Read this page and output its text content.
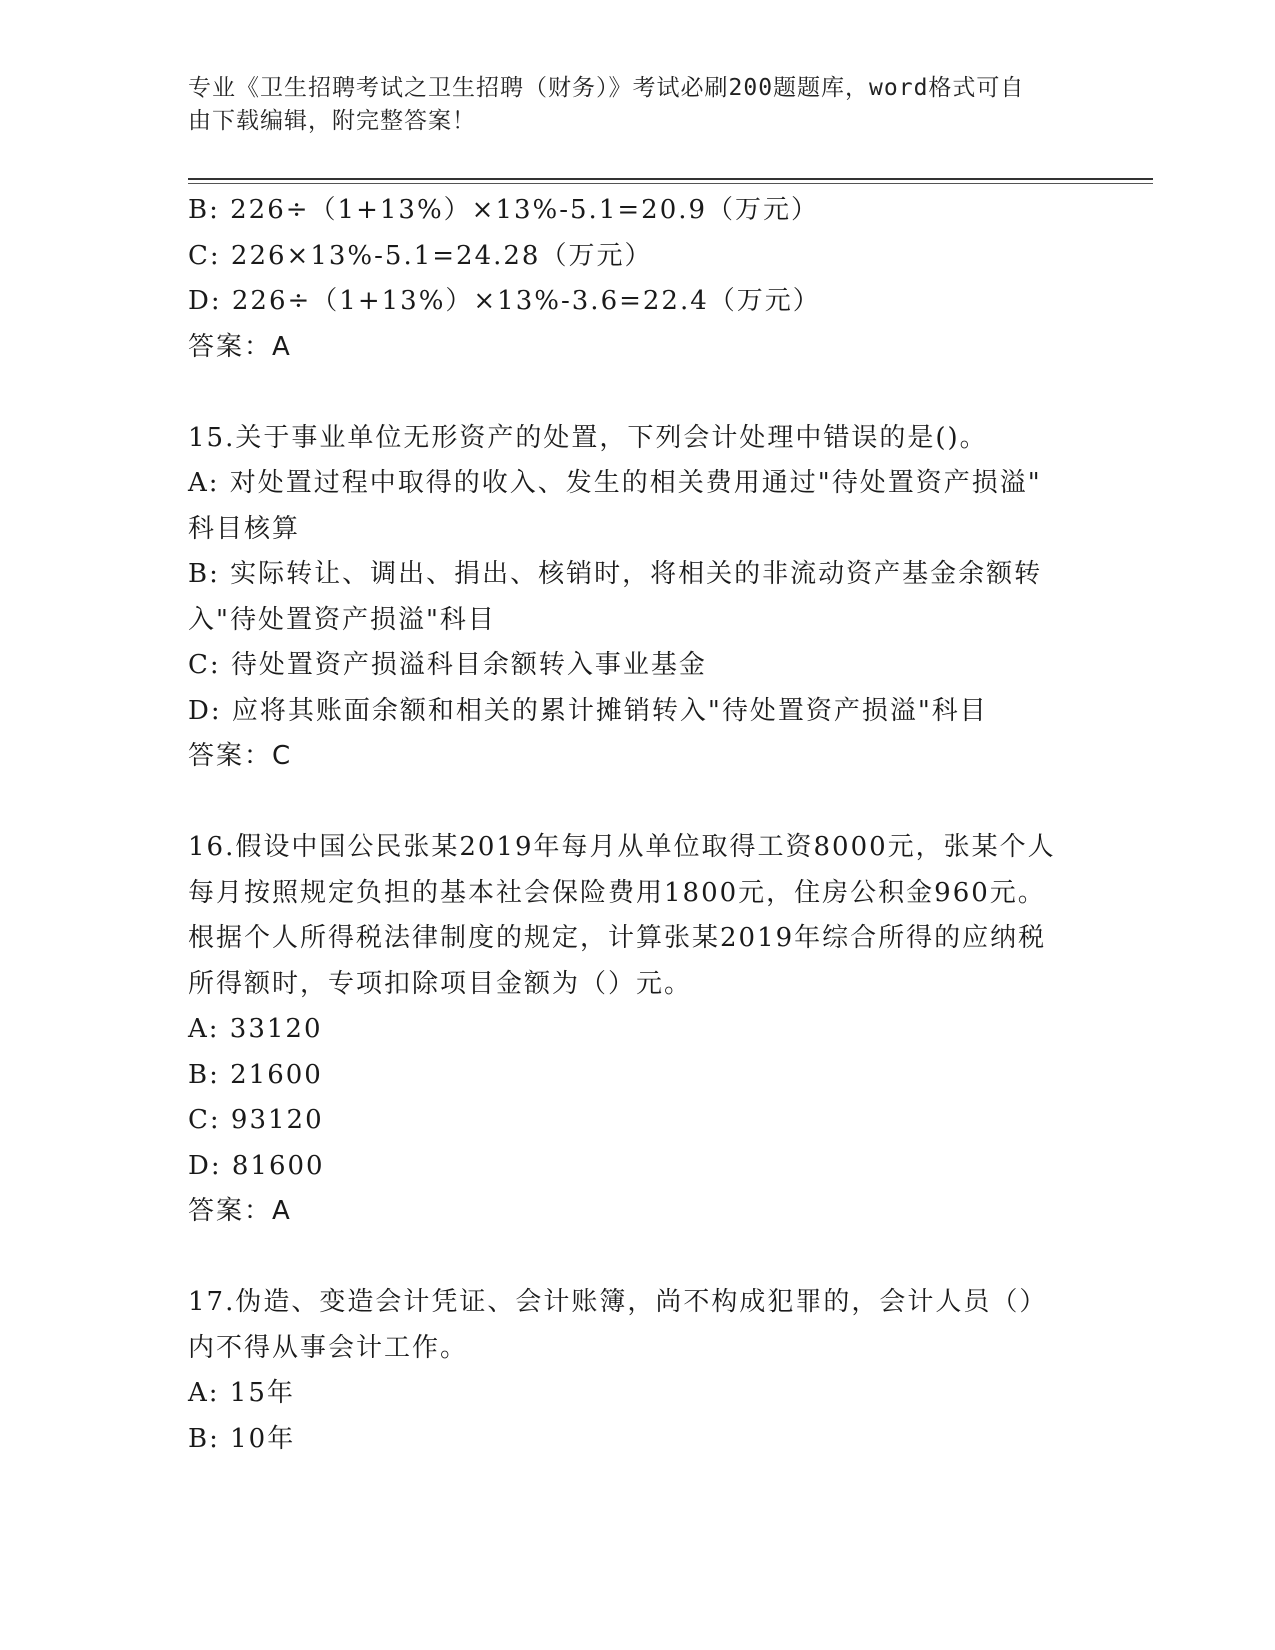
专业《卫生招聘考试之卫生招聘（财务）》考试必刷200题题库，word格式可自
由下载编辑，附完整答案！
B: 226÷（1+13%）×13%-5.1=20.9（万元）
C: 226×13%-5.1=24.28（万元）
D: 226÷（1+13%）×13%-3.6=22.4（万元）
答案：A
15.关于事业单位无形资产的处置，下列会计处理中错误的是()。
A: 对处置过程中取得的收入、发生的相关费用通过"待处置资产损溢"
科目核算
B: 实际转让、调出、捐出、核销时，将相关的非流动资产基金余额转
入"待处置资产损溢"科目
C: 待处置资产损溢科目余额转入事业基金
D: 应将其账面余额和相关的累计摊销转入"待处置资产损溢"科目
答案：C
16.假设中国公民张某2019年每月从单位取得工资8000元，张某个人
每月按照规定负担的基本社会保险费用1800元，住房公积金960元。
根据个人所得税法律制度的规定，计算张某2019年综合所得的应纳税
所得额时，专项扣除项目金额为（）元。
A: 33120
B: 21600
C: 93120
D: 81600
答案：A
17.伪造、变造会计凭证、会计账簿，尚不构成犯罪的，会计人员（）
内不得从事会计工作。
A: 15年
B: 10年
